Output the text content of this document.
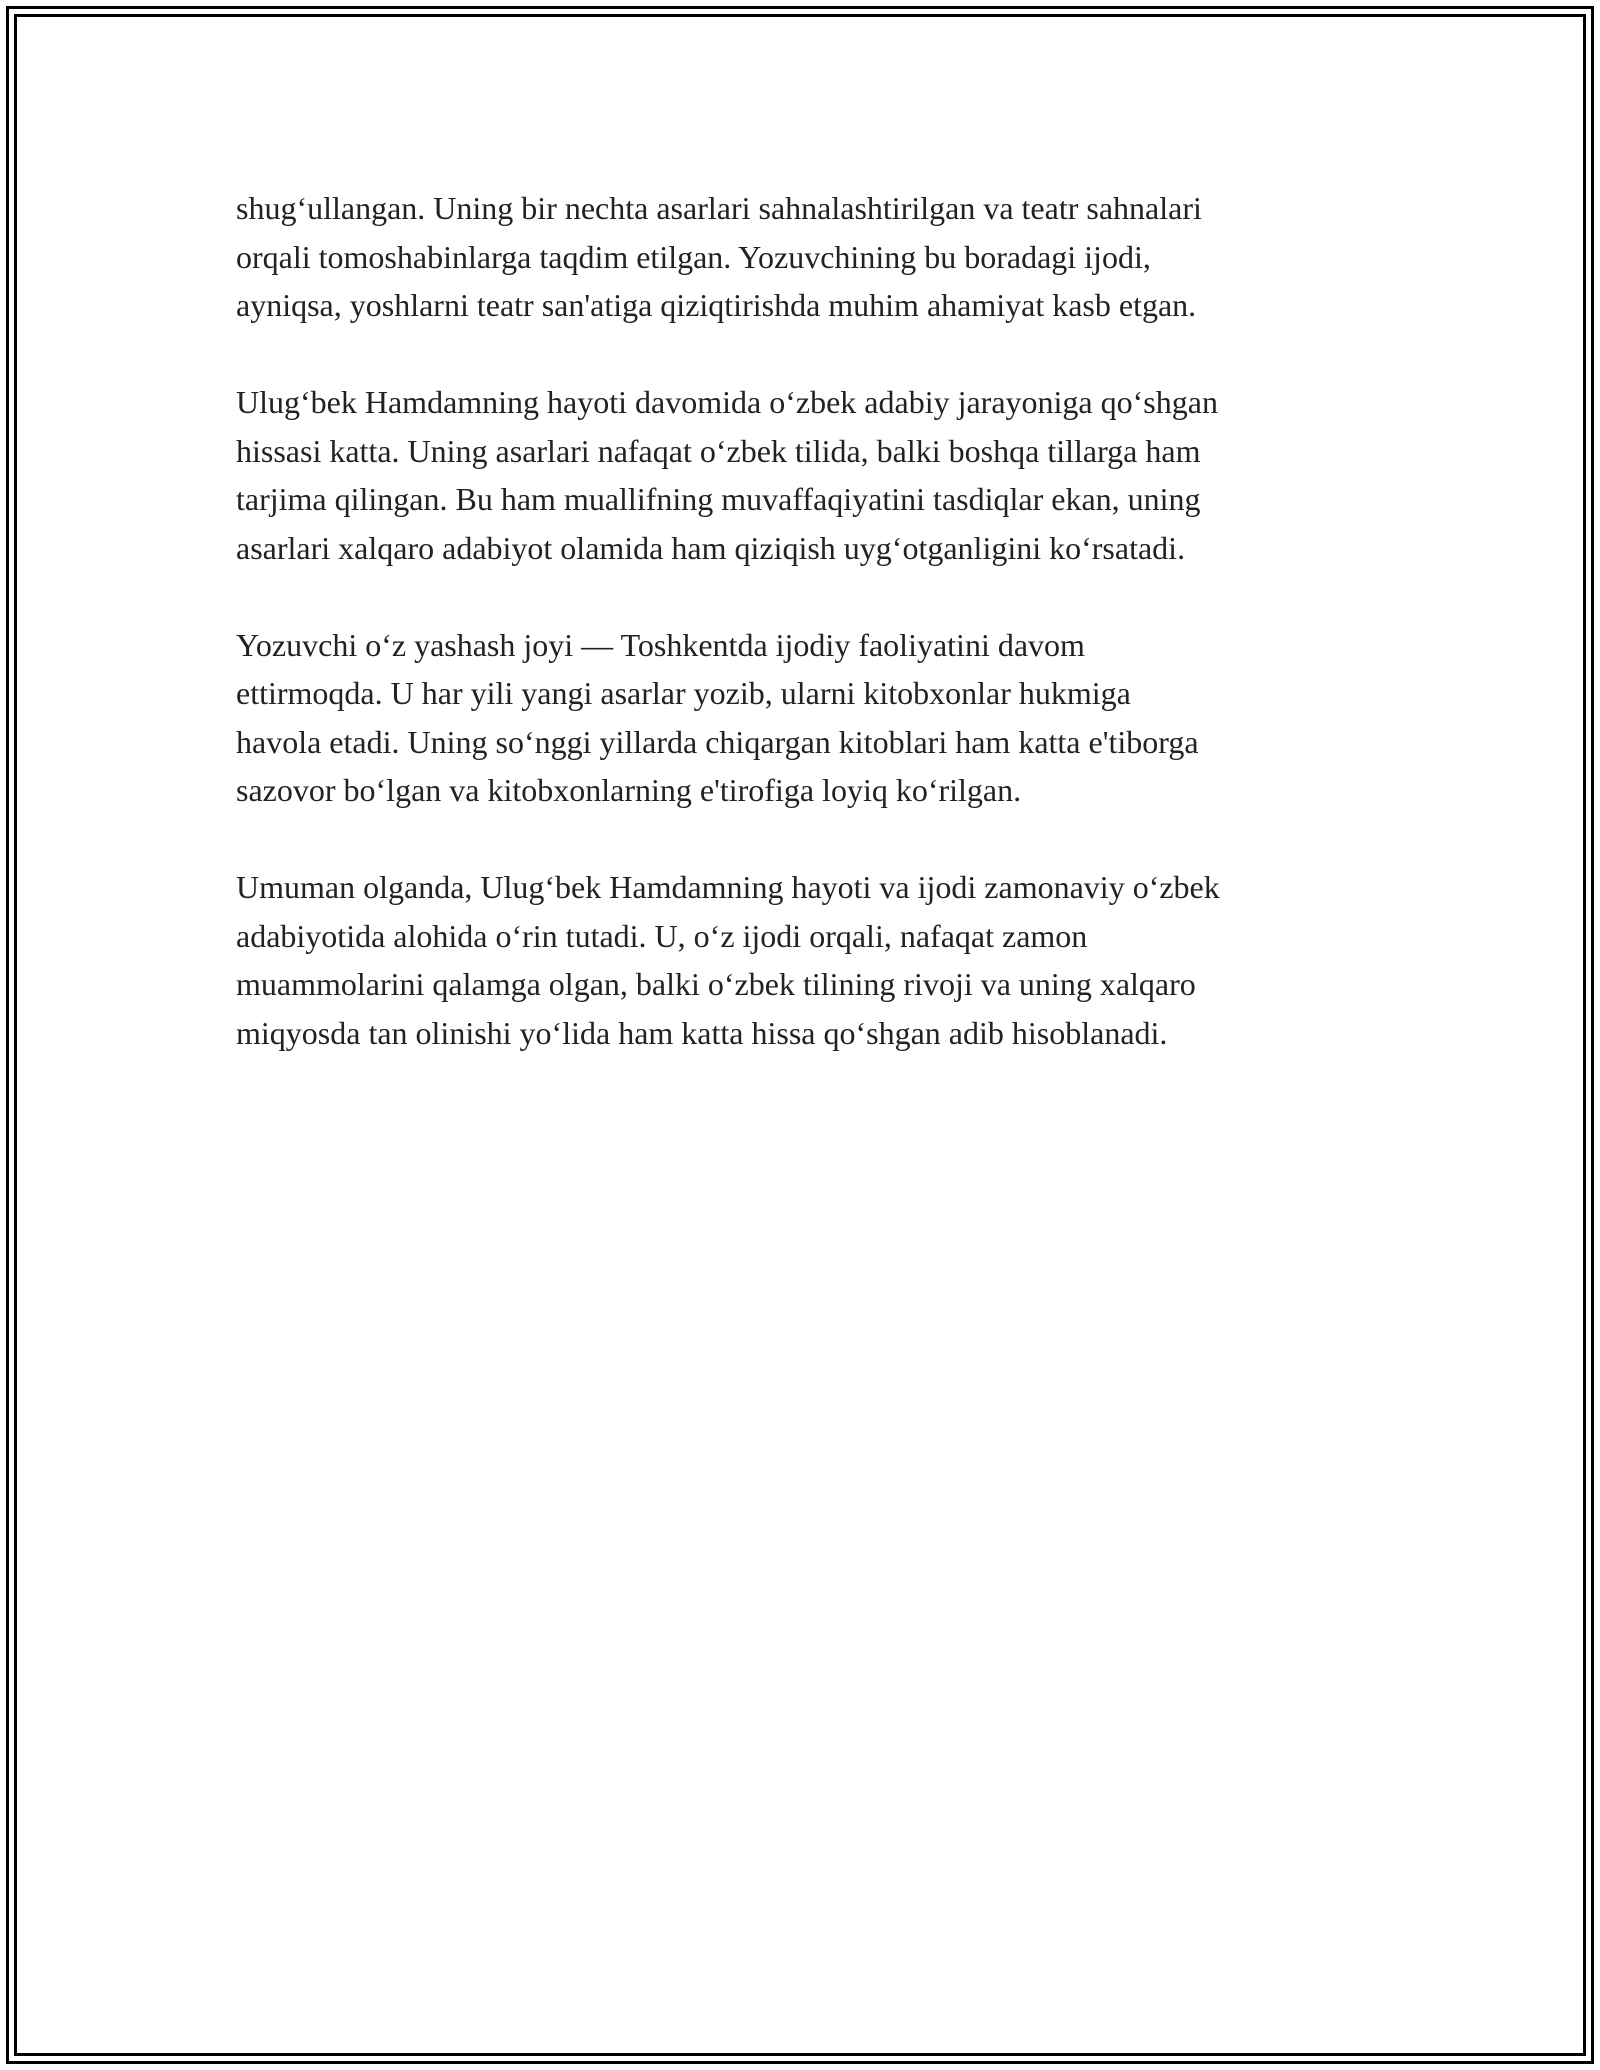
shug‘ullangan. Uning bir nechta asarlari sahnalashtirilgan va teatr sahnalari
orqali tomoshabinlarga taqdim etilgan. Yozuvchining bu boradagi ijodi,
ayniqsa, yoshlarni teatr san'atiga qiziqtirishda muhim ahamiyat kasb etgan.

Ulug‘bek Hamdamning hayoti davomida o‘zbek adabiy jarayoniga qo‘shgan
hissasi katta. Uning asarlari nafaqat o‘zbek tilida, balki boshqa tillarga ham
tarjima qilingan. Bu ham muallifning muvaffaqiyatini tasdiqlar ekan, uning
asarlari xalqaro adabiyot olamida ham qiziqish uyg‘otganligini ko‘rsatadi.

Yozuvchi o‘z yashash joyi — Toshkentda ijodiy faoliyatini davom
ettirmoqda. U har yili yangi asarlar yozib, ularni kitobxonlar hukmiga
havola etadi. Uning so‘nggi yillarda chiqargan kitoblari ham katta e'tiborga
sazovor bo‘lgan va kitobxonlarning e'tirofiga loyiq ko‘rilgan.

Umuman olganda, Ulug‘bek Hamdamning hayoti va ijodi zamonaviy o‘zbek
adabiyotida alohida o‘rin tutadi. U, o‘z ijodi orqali, nafaqat zamon
muammolarini qalamga olgan, balki o‘zbek tilining rivoji va uning xalqaro
miqyosda tan olinishi yo‘lida ham katta hissa qo‘shgan adib hisoblanadi.
